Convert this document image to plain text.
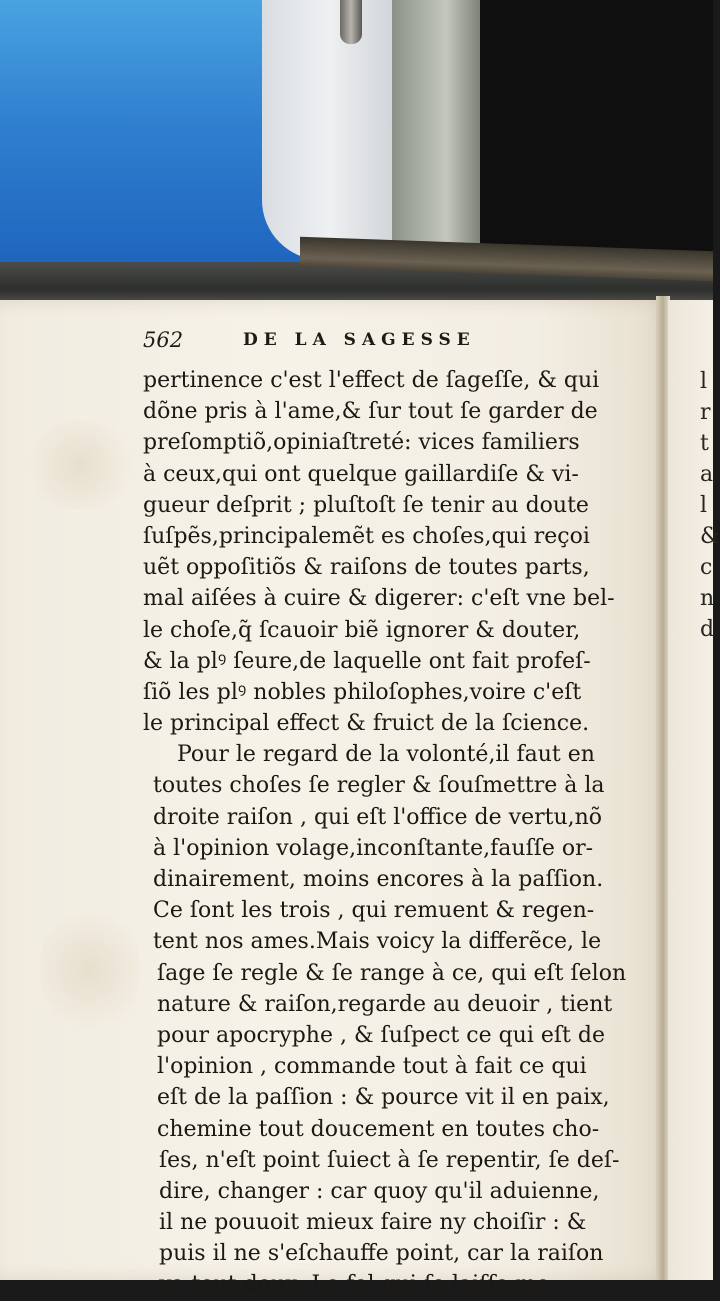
l
r
t
a
l
&
c
n
d
562	DE LA SAGESSE
pertinence c'est l'effect de ſageſſe, & qui
dõne pris à l'ame,& ſur tout ſe garder de
preſomptiõ,opiniaſtreté: vices familiers
à ceux,qui ont quelque gaillardiſe & vi-
gueur deſprit ; pluſtoſt ſe tenir au doute
ſuſpẽs,principalemẽt es choſes,qui reçoi
uẽt oppoſitiõs & raiſons de toutes parts,
mal aiſées à cuire & digerer: c'eſt vne bel-
le choſe,q̃ ſcauoir biẽ ignorer & douter,
& la plꝰ ſeure,de laquelle ont fait profeſ-
ſiõ les plꝰ nobles philoſophes,voire c'eſt
le principal effect & fruict de la ſcience.
Pour le regard de la volonté,il faut en
toutes choſes ſe regler & ſouſmettre à la
droite raiſon , qui eſt l'office de vertu,nõ
à l'opinion volage,inconſtante,fauſſe or-
dinairement, moins encores à la paſſion.
Ce ſont les trois , qui remuent & regen-
tent nos ames.Mais voicy la differẽce, le
ſage ſe regle & ſe range à ce, qui eſt ſelon
nature & raiſon,regarde au deuoir , tient
pour apocryphe , & ſuſpect ce qui eſt de
l'opinion , commande tout à fait ce qui
eſt de la paſſion : & pource vit il en paix,
chemine tout doucement en toutes cho-
ſes, n'eſt point ſuiect à ſe repentir, ſe deſ-
dire, changer : car quoy qu'il aduienne,
il ne pouuoit mieux faire ny choiſir : &
puis il ne s'eſchauffe point, car la raiſon
va tout doux. Le fol qui ſe laiſſe me-
